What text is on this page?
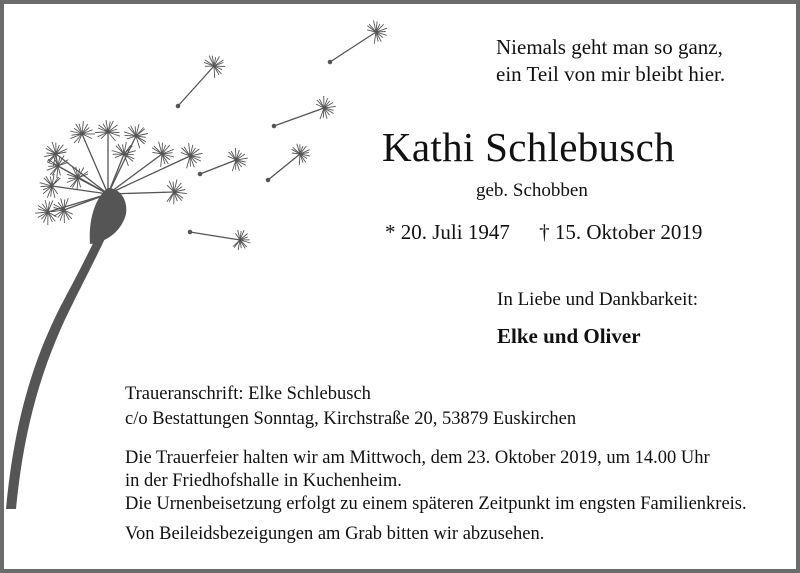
Niemals geht man so ganz,
ein Teil von mir bleibt hier.
Kathi Schlebusch
geb. Schobben
* 20. Juli 1947 † 15. Oktober 2019
In Liebe und Dankbarkeit:
Elke und Oliver
Traueranschrift: Elke Schlebusch
c/o Bestattungen Sonntag, Kirchstraße 20, 53879 Euskirchen
Die Trauerfeier halten wir am Mittwoch, dem 23. Oktober 2019, um 14.00 Uhr
in der Friedhofshalle in Kuchenheim.
Die Urnenbeisetzung erfolgt zu einem späteren Zeitpunkt im engsten Familienkreis.
Von Beileidsbezeigungen am Grab bitten wir abzusehen.
